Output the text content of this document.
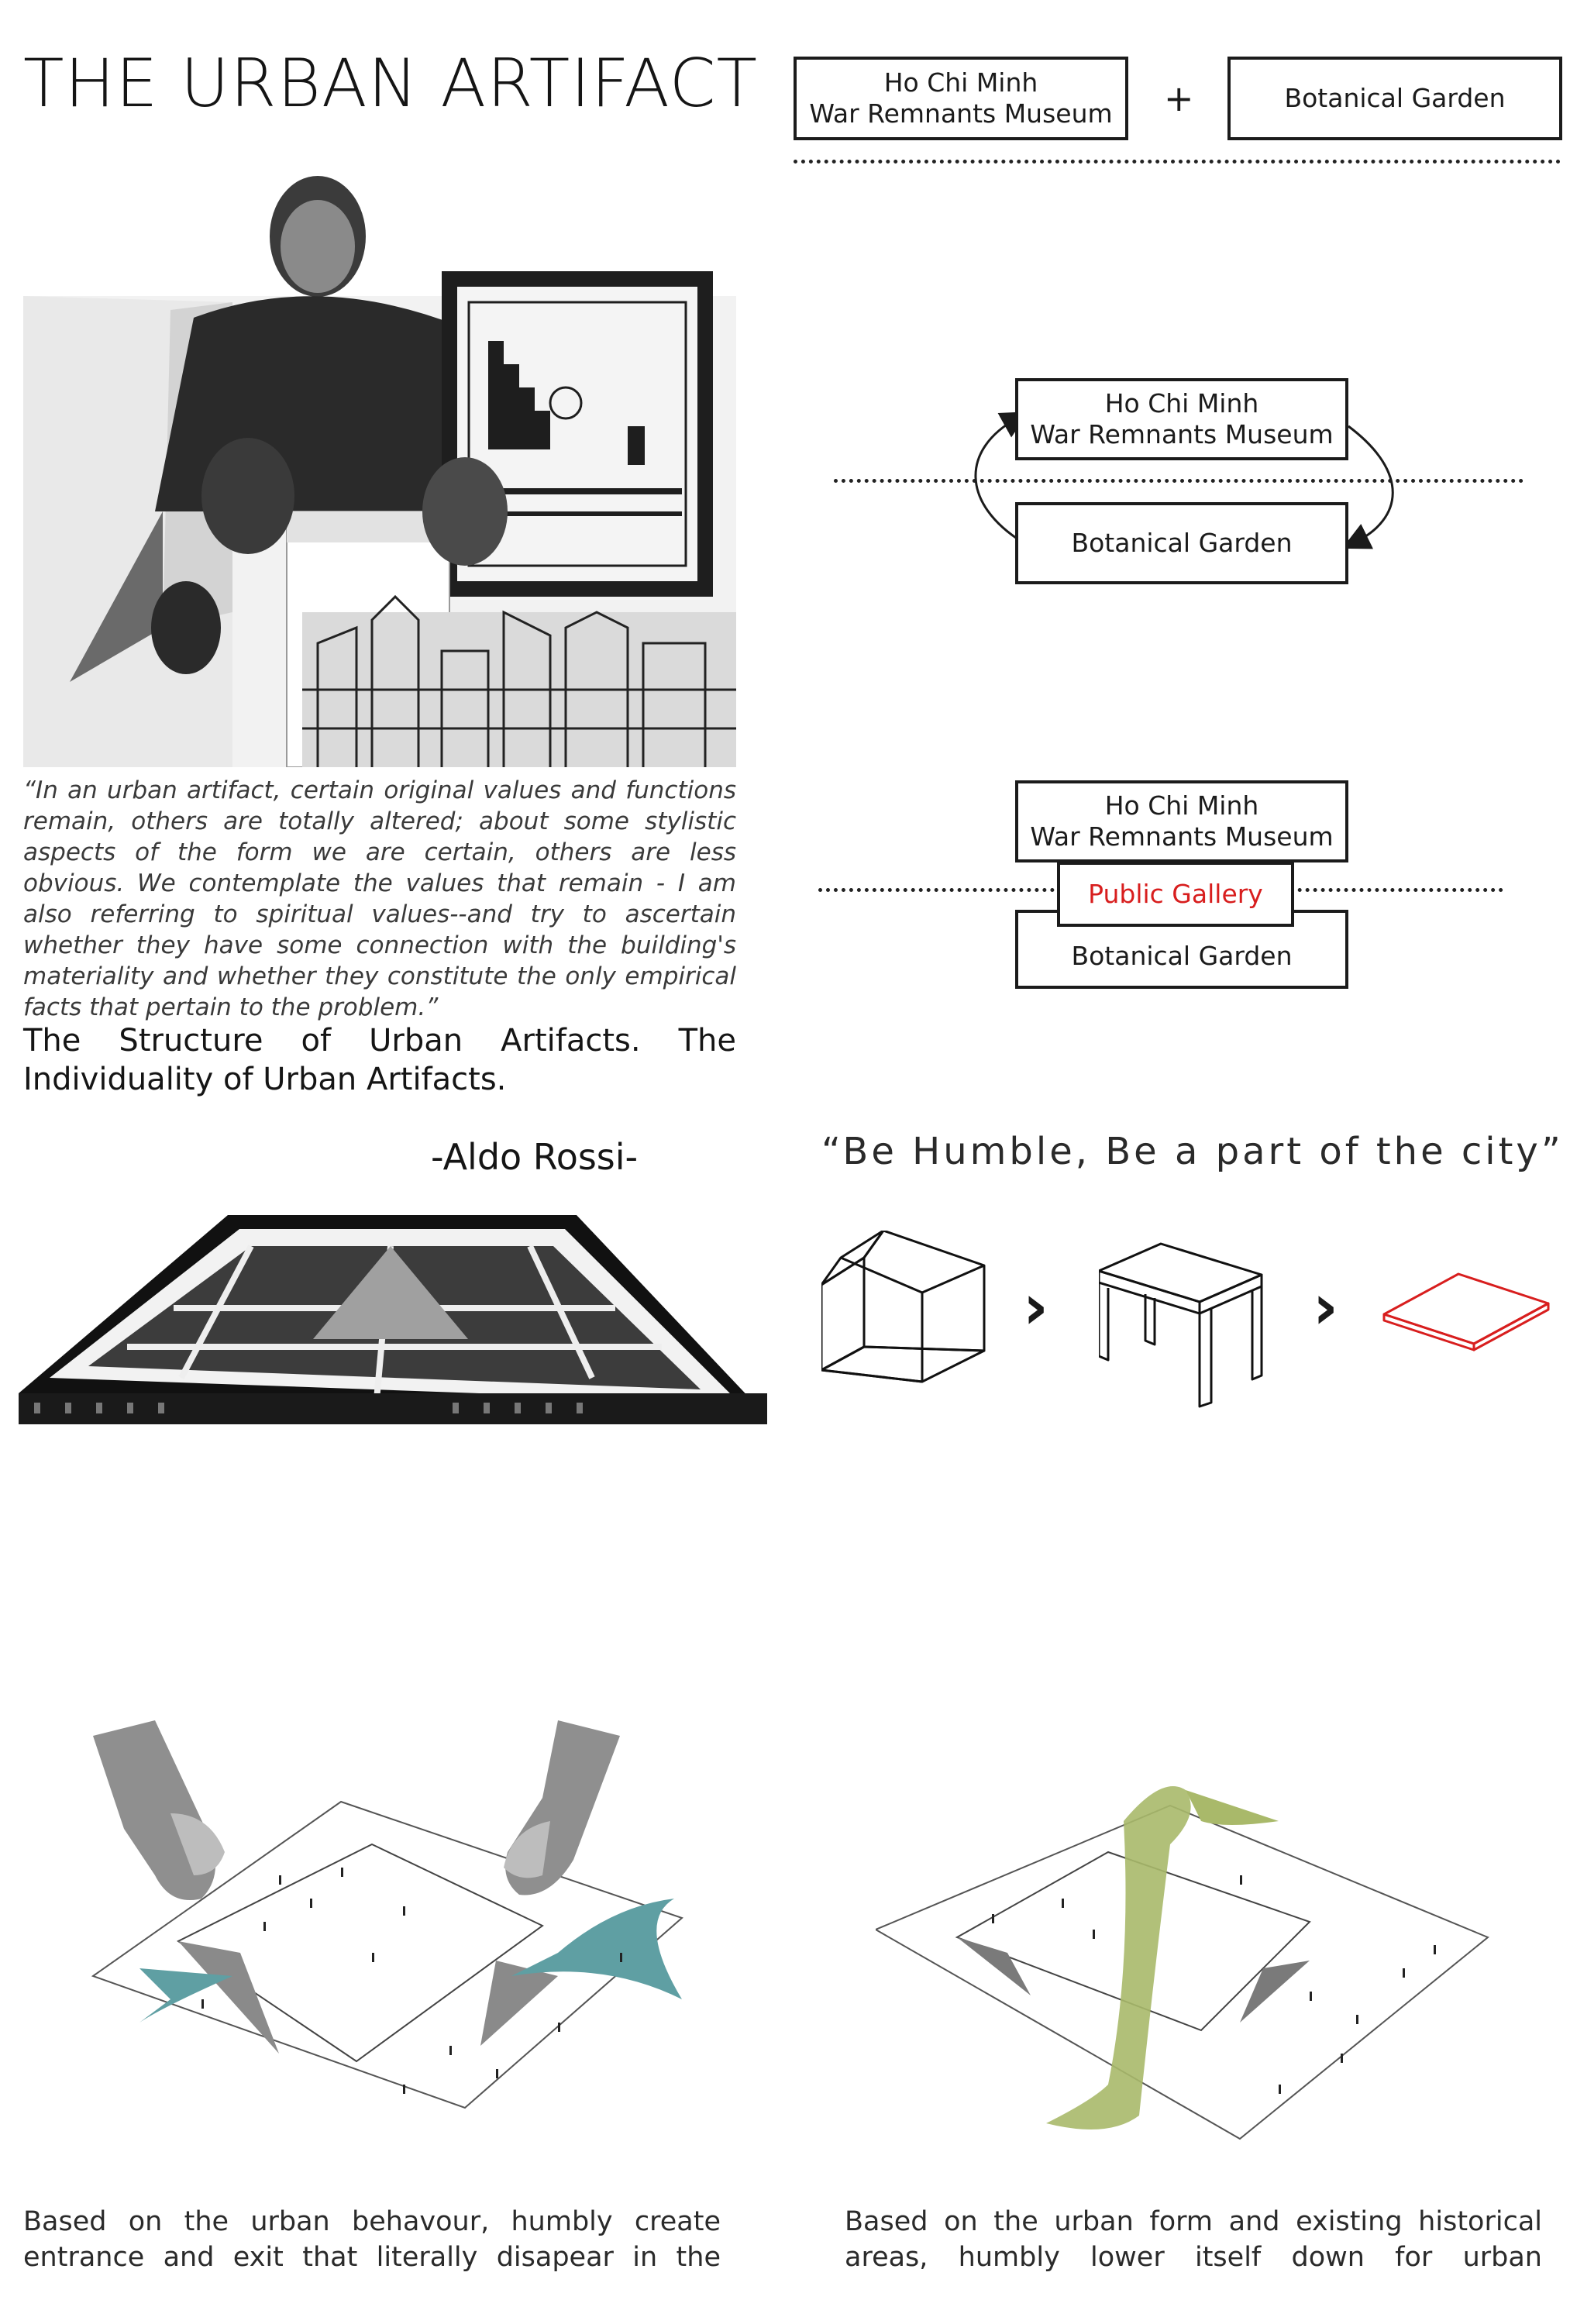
THE URBAN ARTIFACT	Ho Chi Minh
War Remnants Museum +	Botanical Garden
Ho Chi Minh
War Remnants Museum
Botanical Garden
Ho Chi Minh
War Remnants Museum
Botanical Garden
Public Gallery
“In an urban artifact, certain original values and functions remain, others are totally altered; about some stylistic aspects of the form we are certain, others are less obvious. We contemplate the values that remain - I am also referring to spiritual values--and try to ascertain whether they have some connection with the building's materiality and whether they constitute the only empirical facts that pertain to the problem.”
The Structure of Urban Artifacts. The Individuality of Urban Artifacts.
-Aldo Rossi-	“Be Humble, Be a part of the city”
›	›
Based on the urban behavour, humbly create entrance and exit that literally disapear in the
Based on the urban form and existing historical areas, humbly lower itself down for urban
